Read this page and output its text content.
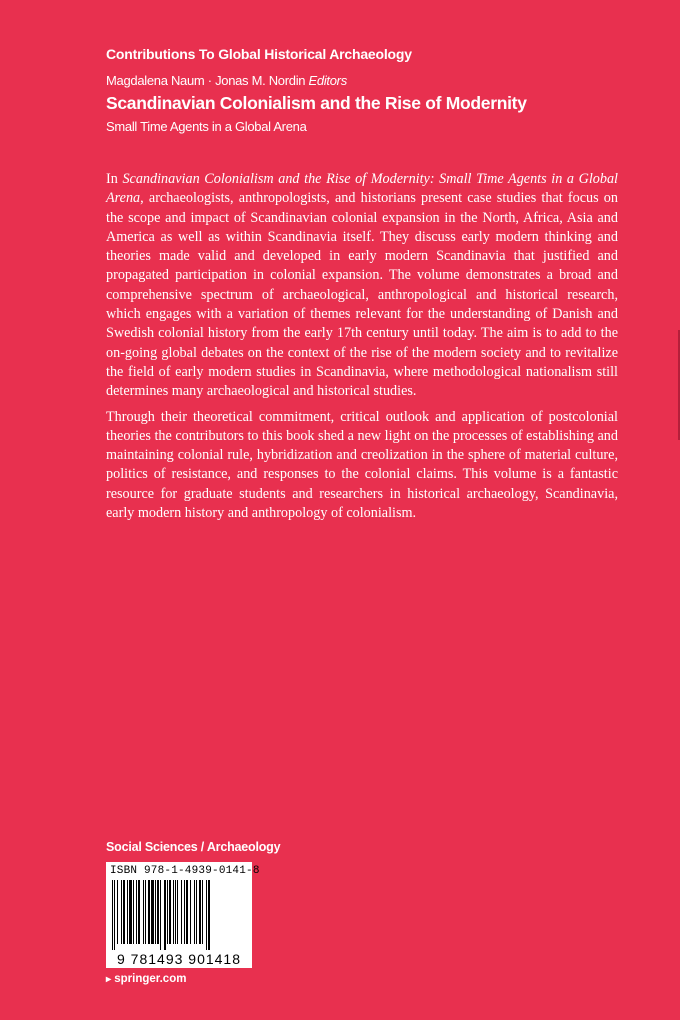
Contributions To Global Historical Archaeology
Magdalena Naum · Jonas M. Nordin Editors
Scandinavian Colonialism and the Rise of Modernity
Small Time Agents in a Global Arena

In Scandinavian Colonialism and the Rise of Modernity: Small Time Agents in a Global Arena, archaeologists, anthropologists, and historians present case studies that focus on the scope and impact of Scandinavian colonial expansion in the North, Africa, Asia and America as well as within Scandinavia itself. They discuss early modern thinking and theories made valid and developed in early modern Scandinavia that justified and propagated participation in colonial expansion. The volume demonstrates a broad and comprehensive spectrum of archaeological, anthropological and historical research, which engages with a variation of themes relevant for the understanding of Danish and Swedish colonial history from the early 17th century until today. The aim is to add to the on-going global debates on the context of the rise of the modern society and to revitalize the field of early modern studies in Scandinavia, where methodological nationalism still determines many archaeological and historical studies.

Through their theoretical commitment, critical outlook and application of postcolonial theories the contributors to this book shed a new light on the processes of establishing and maintaining colonial rule, hybridization and creolization in the sphere of material culture, politics of resistance, and responses to the colonial claims. This volume is a fantastic resource for graduate students and researchers in historical archaeology, Scandinavia, early modern history and anthropology of colonialism.

Social Sciences / Archaeology
ISBN 978-1-4939-0141-8
9 781493 901418
▸ springer.com
